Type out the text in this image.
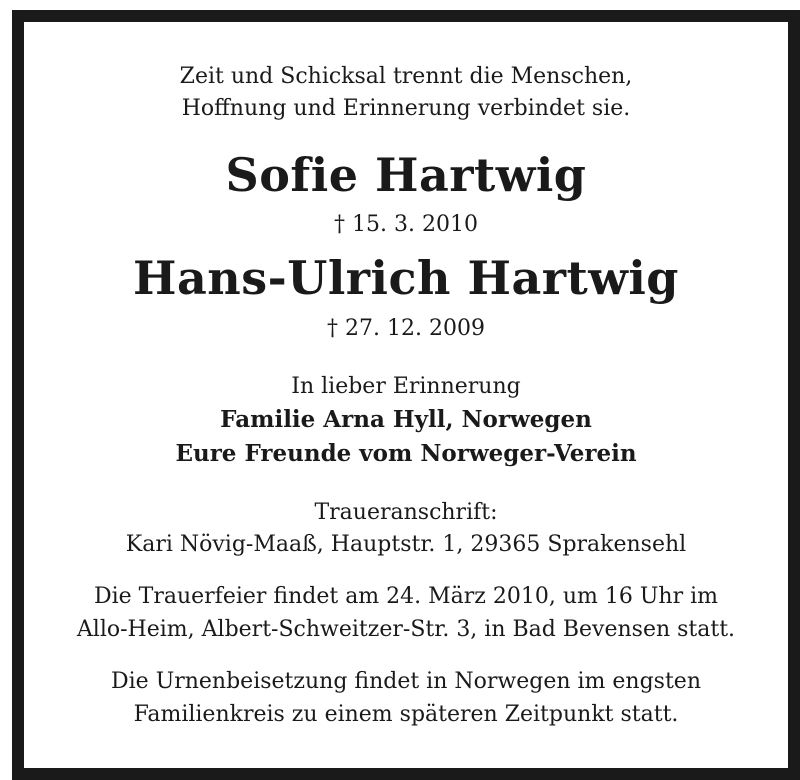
Zeit und Schicksal trennt die Menschen,
Hoffnung und Erinnerung verbindet sie.
Sofie Hartwig
† 15. 3. 2010
Hans-Ulrich Hartwig
† 27. 12. 2009
In lieber Erinnerung
Familie Arna Hyll, Norwegen
Eure Freunde vom Norweger-Verein
Traueranschrift:
Kari Növig-Maaß, Hauptstr. 1, 29365 Sprakensehl
Die Trauerfeier findet am 24. März 2010, um 16 Uhr im
Allo-Heim, Albert-Schweitzer-Str. 3, in Bad Bevensen statt.
Die Urnenbeisetzung findet in Norwegen im engsten
Familienkreis zu einem späteren Zeitpunkt statt.
